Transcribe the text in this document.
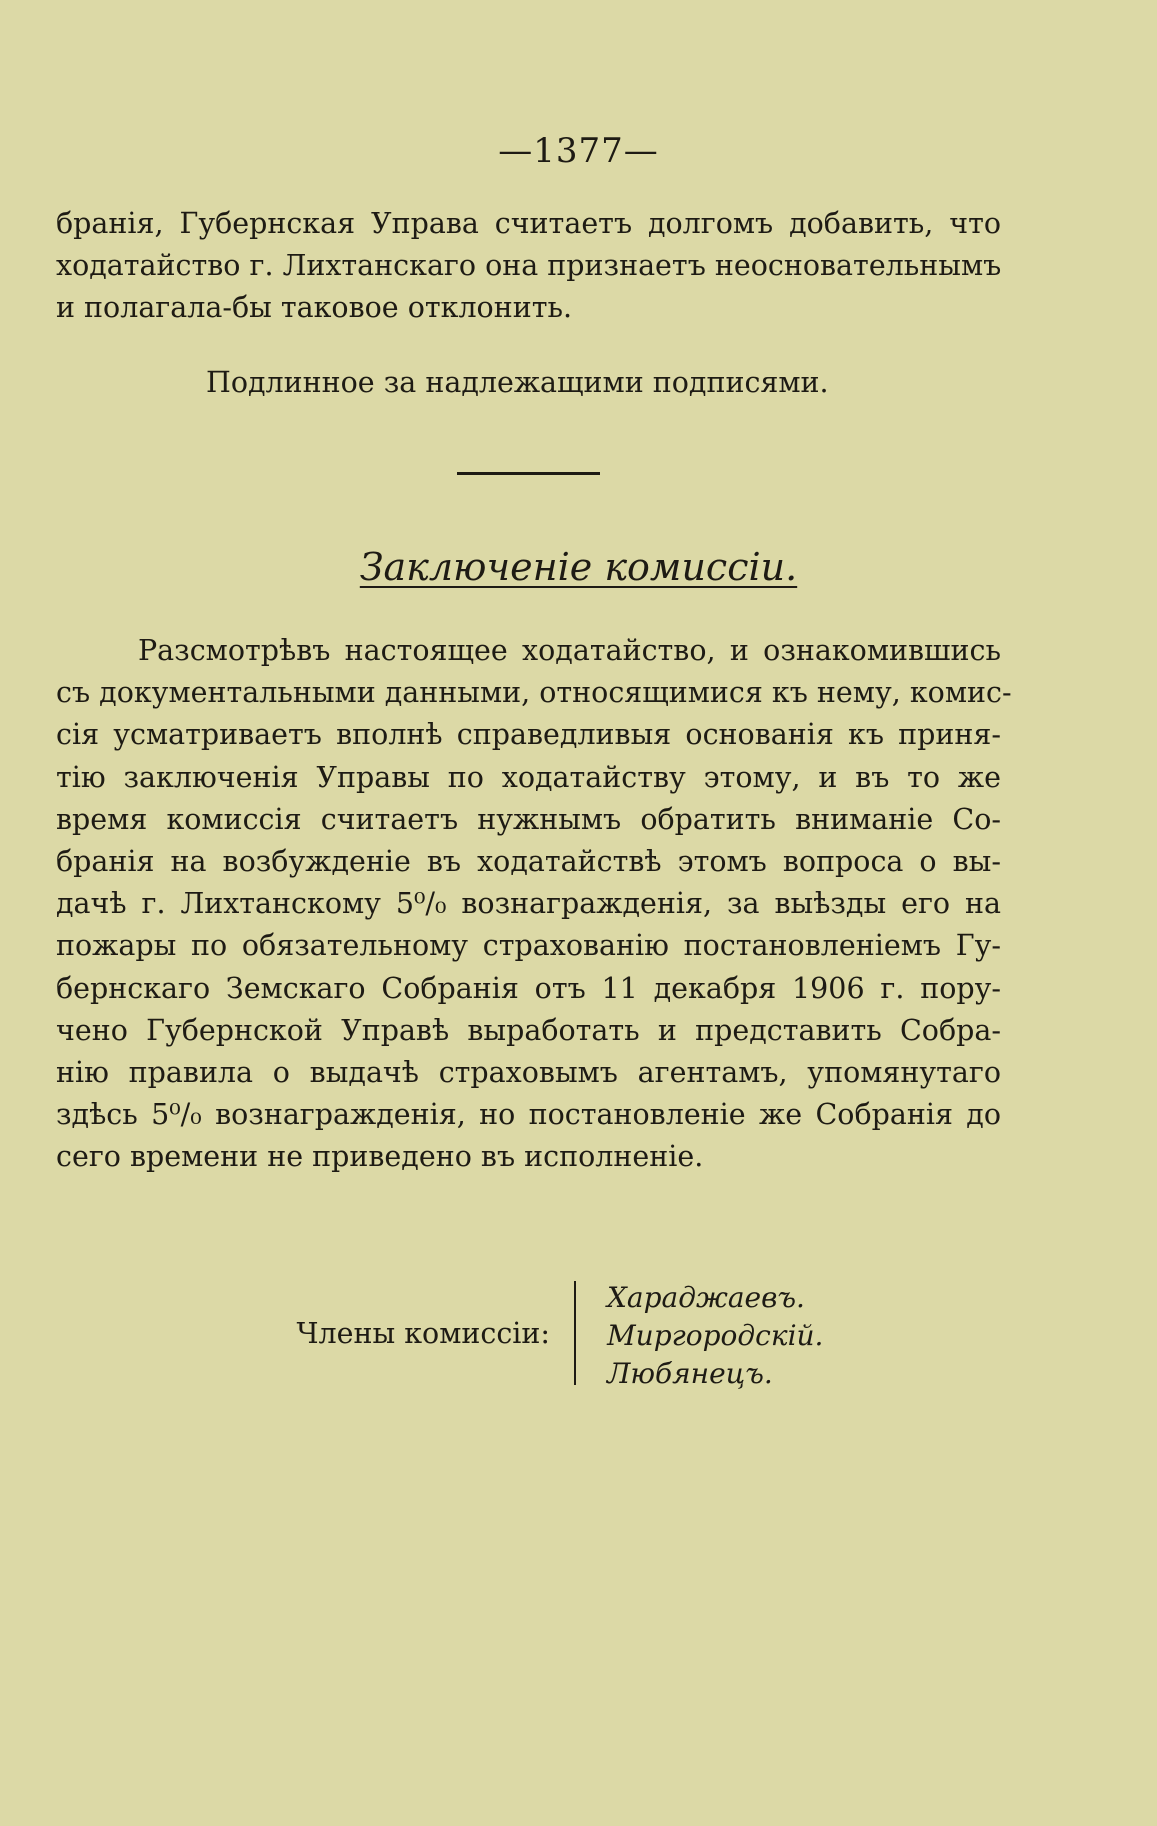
—1377—
бранія, Губернская Управа считаетъ долгомъ добавить, что
ходатайство г. Лихтанскаго она признаетъ неосновательнымъ
и полагала-бы таковое отклонить.
Подлинное за надлежащими подписями.
Заключеніе комиссіи.
Разсмотрѣвъ настоящее ходатайство, и ознакомившись
съ документальными данными, относящимися къ нему, комис-
сія усматриваетъ вполнѣ справедливыя основанія къ приня-
тію заключенія Управы по ходатайству этому, и въ то же
время комиссія считаетъ нужнымъ обратить вниманіе Со-
бранія на возбужденіе въ ходатайствѣ этомъ вопроса о вы-
дачѣ г. Лихтанскому 5⁰/₀ вознагражденія, за выѣзды его на
пожары по обязательному страхованію постановленіемъ Гу-
бернскаго Земскаго Собранія отъ 11 декабря 1906 г. пору-
чено Губернской Управѣ выработать и представить Собра-
нію правила о выдачѣ страховымъ агентамъ, упомянутаго
здѣсь 5⁰/₀ вознагражденія, но постановленіе же Собранія до
сего времени не приведено въ исполненіе.
Члены комиссіи:
Хараджаевъ.
Миргородскій.
Любянецъ.
